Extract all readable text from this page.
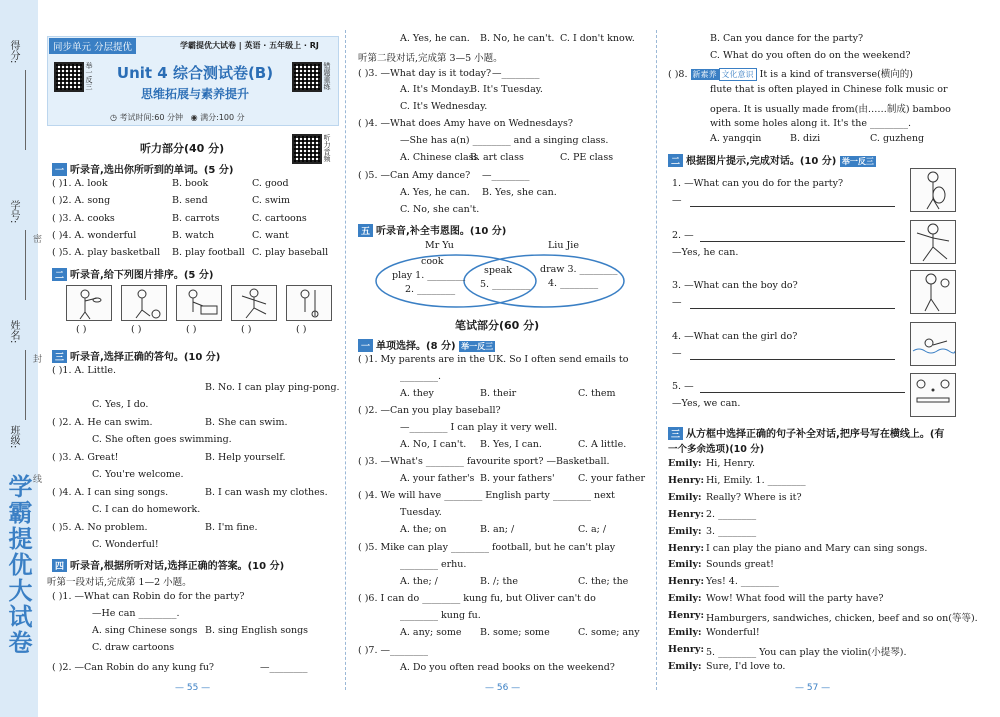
学霸提优大试卷
得分:
学号:
姓名:
班级:
密
封
线
同步单元 分层提优	学霸提优大试卷 | 英语 · 五年级上 · RJ
举一反三	错题重练
Unit 4 综合测试卷(B)
思维拓展与素养提升
◷ 考试时间:60 分钟 ◉ 满分:100 分
听力音频
听力部分(40 分)
一 听录音,选出你所听到的单词。(5 分)
( )1. A. look	B. book	C. good
( )2. A. song	B. send	C. swim
( )3. A. cooks	B. carrots	C. cartoons
( )4. A. wonderful	B. watch	C. want
( )5. A. play basketball B. play football C. play baseball
二 听录音,给下列图片排序。(5 分)
( )	( )	( )	( )	( )
三 听录音,选择正确的答句。(10 分)
( )1. A. Little.
B. No. I can play ping-pong.
C. Yes, I do.
( )2. A. He can swim.	B. She can swim.
C. She often goes swimming.
( )3. A. Great!	B. Help yourself.
C. You're welcome.
( )4. A. I can sing songs.	B. I can wash my clothes.
C. I can do homework.
( )5. A. No problem.	B. I'm fine.
C. Wonderful!
四 听录音,根据所听对话,选择正确的答案。(10 分)
听第一段对话,完成第 1—2 小题。
( )1. —What can Robin do for the party?
—He can ________.
A. sing Chinese songs B. sing English songs
C. draw cartoons
( )2. —Can Robin do any kung fu?	—________
A. Yes, he can. B. No, he can't. C. I don't know.
听第二段对话,完成第 3—5 小题。
( )3. —What day is it today? —________
A. It's Monday.
B. It's Tuesday.
C. It's Wednesday.
( )4. —What does Amy have on Wednesdays?
—She has a(n) ________ and a singing class.
A. Chinese class
B. art class	C. PE class
( )5. —Can Amy dance? —________
A. Yes, he can. B. Yes, she can.
C. No, she can't.
五 听录音,补全韦恩图。(10 分)
Mr Yu	Liu Jie
cook
play 1. ________
2. ________
speak
5. ________
draw 3. ________
4. ________
笔试部分(60 分)
一 单项选择。(8 分) 举一反三
( )1. My parents are in the UK. So I often send emails to
________.
A. they	B. their	C. them
( )2. —Can you play baseball?
—________ I can play it very well.
A. No, I can't. B. Yes, I can.	C. A little.
( )3. —What's ________ favourite sport? —Basketball.
A. your father's B. your fathers' C. your father
( )4. We will have ________ English party ________ next
Tuesday.
A. the; on	B. an; /	C. a; /
( )5. Mike can play ________ football, but he can't play
________ erhu.
A. the; /	B. /; the	C. the; the
( )6. I can do ________ kung fu, but Oliver can't do
________ kung fu.
A. any; some B. some; some	C. some; any
( )7. —________
A. Do you often read books on the weekend?
B. Can you dance for the party?
C. What do you often do on the weekend?
( )8. 新素养 文化意识 It is a kind of transverse(横向的)
flute that is often played in Chinese folk music or
opera. It is usually made from(由……制成) bamboo
with some holes along it. It's the ________.
A. yangqin	B. dizi	C. guzheng
二 根据图片提示,完成对话。(10 分) 举一反三
1. —What can you do for the party?
—
2. —
—Yes, he can.
3. —What can the boy do?
—
4. —What can the girl do?
—
5. —
—Yes, we can.
三 从方框中选择正确的句子补全对话,把序号写在横线上。(有
一个多余选项)(10 分)
Emily: Hi, Henry.
Henry: Hi, Emily. 1. ________
Emily: Really? Where is it?
Henry: 2. ________
Emily: 3. ________
Henry: I can play the piano and Mary can sing songs.
Emily: Sounds great!
Henry: Yes! 4. ________
Emily: Wow! What food will the party have?
Henry: Hamburgers, sandwiches, chicken, beef and so on(等等).
Emily: Wonderful!
Henry: 5. ________ You can play the violin(小提琴).
Emily: Sure, I'd love to.
— 55 —	— 56 —	— 57 —
